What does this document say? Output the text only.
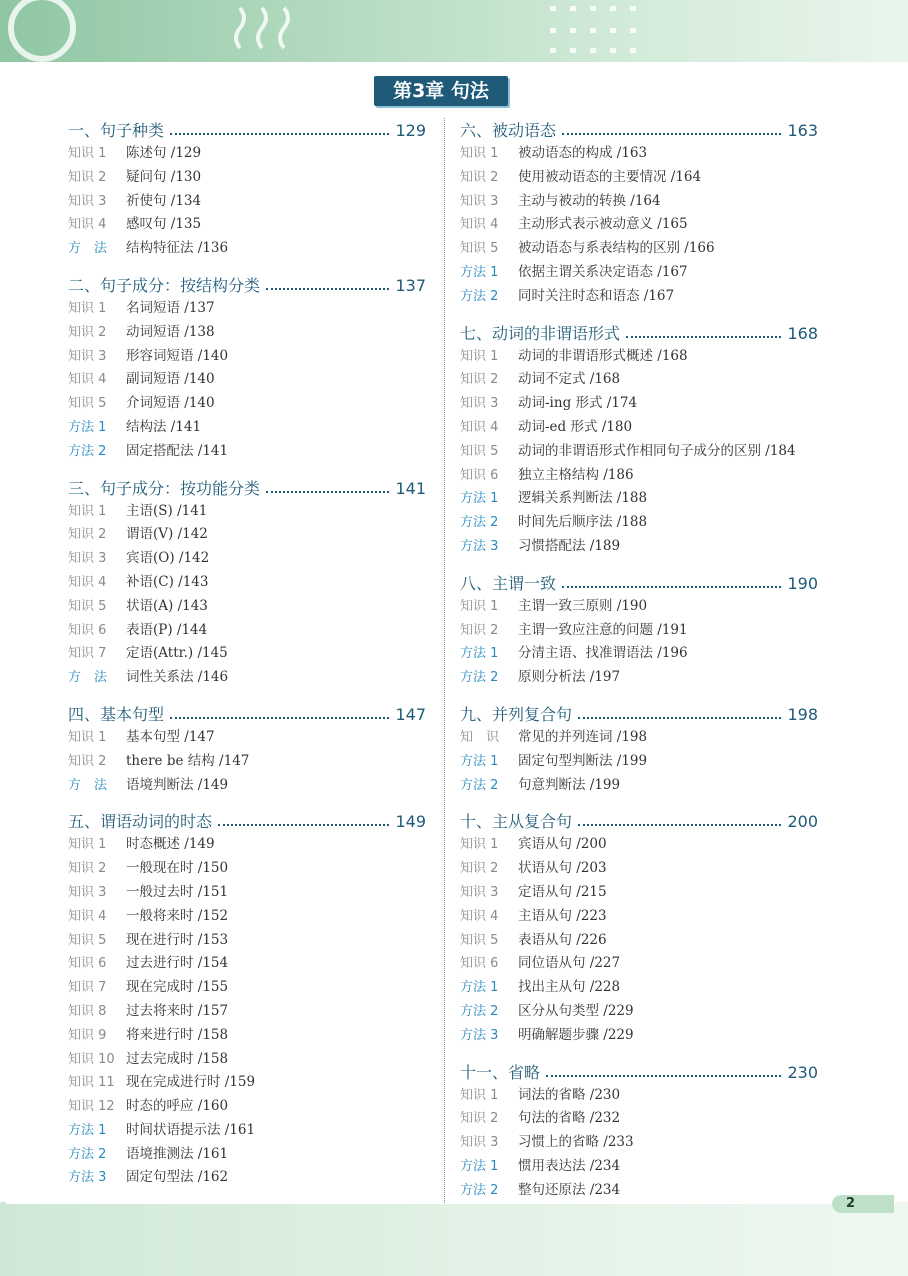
第3章 句法
一、句子种类	129
知识 1	陈述句 /129
知识 2	疑问句 /130
知识 3	祈使句 /134
知识 4	感叹句 /135
方　法	结构特征法 /136
二、句子成分：按结构分类	137
知识 1	名词短语 /137
知识 2	动词短语 /138
知识 3	形容词短语 /140
知识 4	副词短语 /140
知识 5	介词短语 /140
方法 1	结构法 /141
方法 2	固定搭配法 /141
三、句子成分：按功能分类	141
知识 1	主语(S) /141
知识 2	谓语(V) /142
知识 3	宾语(O) /142
知识 4	补语(C) /143
知识 5	状语(A) /143
知识 6	表语(P) /144
知识 7	定语(Attr.) /145
方　法	词性关系法 /146
四、基本句型	147
知识 1	基本句型 /147
知识 2	there be 结构 /147
方　法	语境判断法 /149
五、谓语动词的时态	149
知识 1	时态概述 /149
知识 2	一般现在时 /150
知识 3	一般过去时 /151
知识 4	一般将来时 /152
知识 5	现在进行时 /153
知识 6	过去进行时 /154
知识 7	现在完成时 /155
知识 8	过去将来时 /157
知识 9	将来进行时 /158
知识 10 过去完成时 /158
知识 11 现在完成进行时 /159
知识 12 时态的呼应 /160
方法 1	时间状语提示法 /161
方法 2	语境推测法 /161
方法 3	固定句型法 /162
六、被动语态	163
知识 1	被动语态的构成 /163
知识 2	使用被动语态的主要情况 /164
知识 3	主动与被动的转换 /164
知识 4	主动形式表示被动意义 /165
知识 5	被动语态与系表结构的区别 /166
方法 1	依据主谓关系决定语态 /167
方法 2	同时关注时态和语态 /167
七、动词的非谓语形式	168
知识 1	动词的非谓语形式概述 /168
知识 2	动词不定式 /168
知识 3	动词-ing 形式 /174
知识 4	动词-ed 形式 /180
知识 5	动词的非谓语形式作相同句子成分的区别 /184
知识 6	独立主格结构 /186
方法 1	逻辑关系判断法 /188
方法 2	时间先后顺序法 /188
方法 3	习惯搭配法 /189
八、主谓一致	190
知识 1	主谓一致三原则 /190
知识 2	主谓一致应注意的问题 /191
方法 1	分清主语、找准谓语法 /196
方法 2	原则分析法 /197
九、并列复合句	198
知　识	常见的并列连词 /198
方法 1	固定句型判断法 /199
方法 2	句意判断法 /199
十、主从复合句	200
知识 1	宾语从句 /200
知识 2	状语从句 /203
知识 3	定语从句 /215
知识 4	主语从句 /223
知识 5	表语从句 /226
知识 6	同位语从句 /227
方法 1	找出主从句 /228
方法 2	区分从句类型 /229
方法 3	明确解题步骤 /229
十一、省略	230
知识 1	词法的省略 /230
知识 2	句法的省略 /232
知识 3	习惯上的省略 /233
方法 1	惯用表达法 /234
方法 2	整句还原法 /234
2
